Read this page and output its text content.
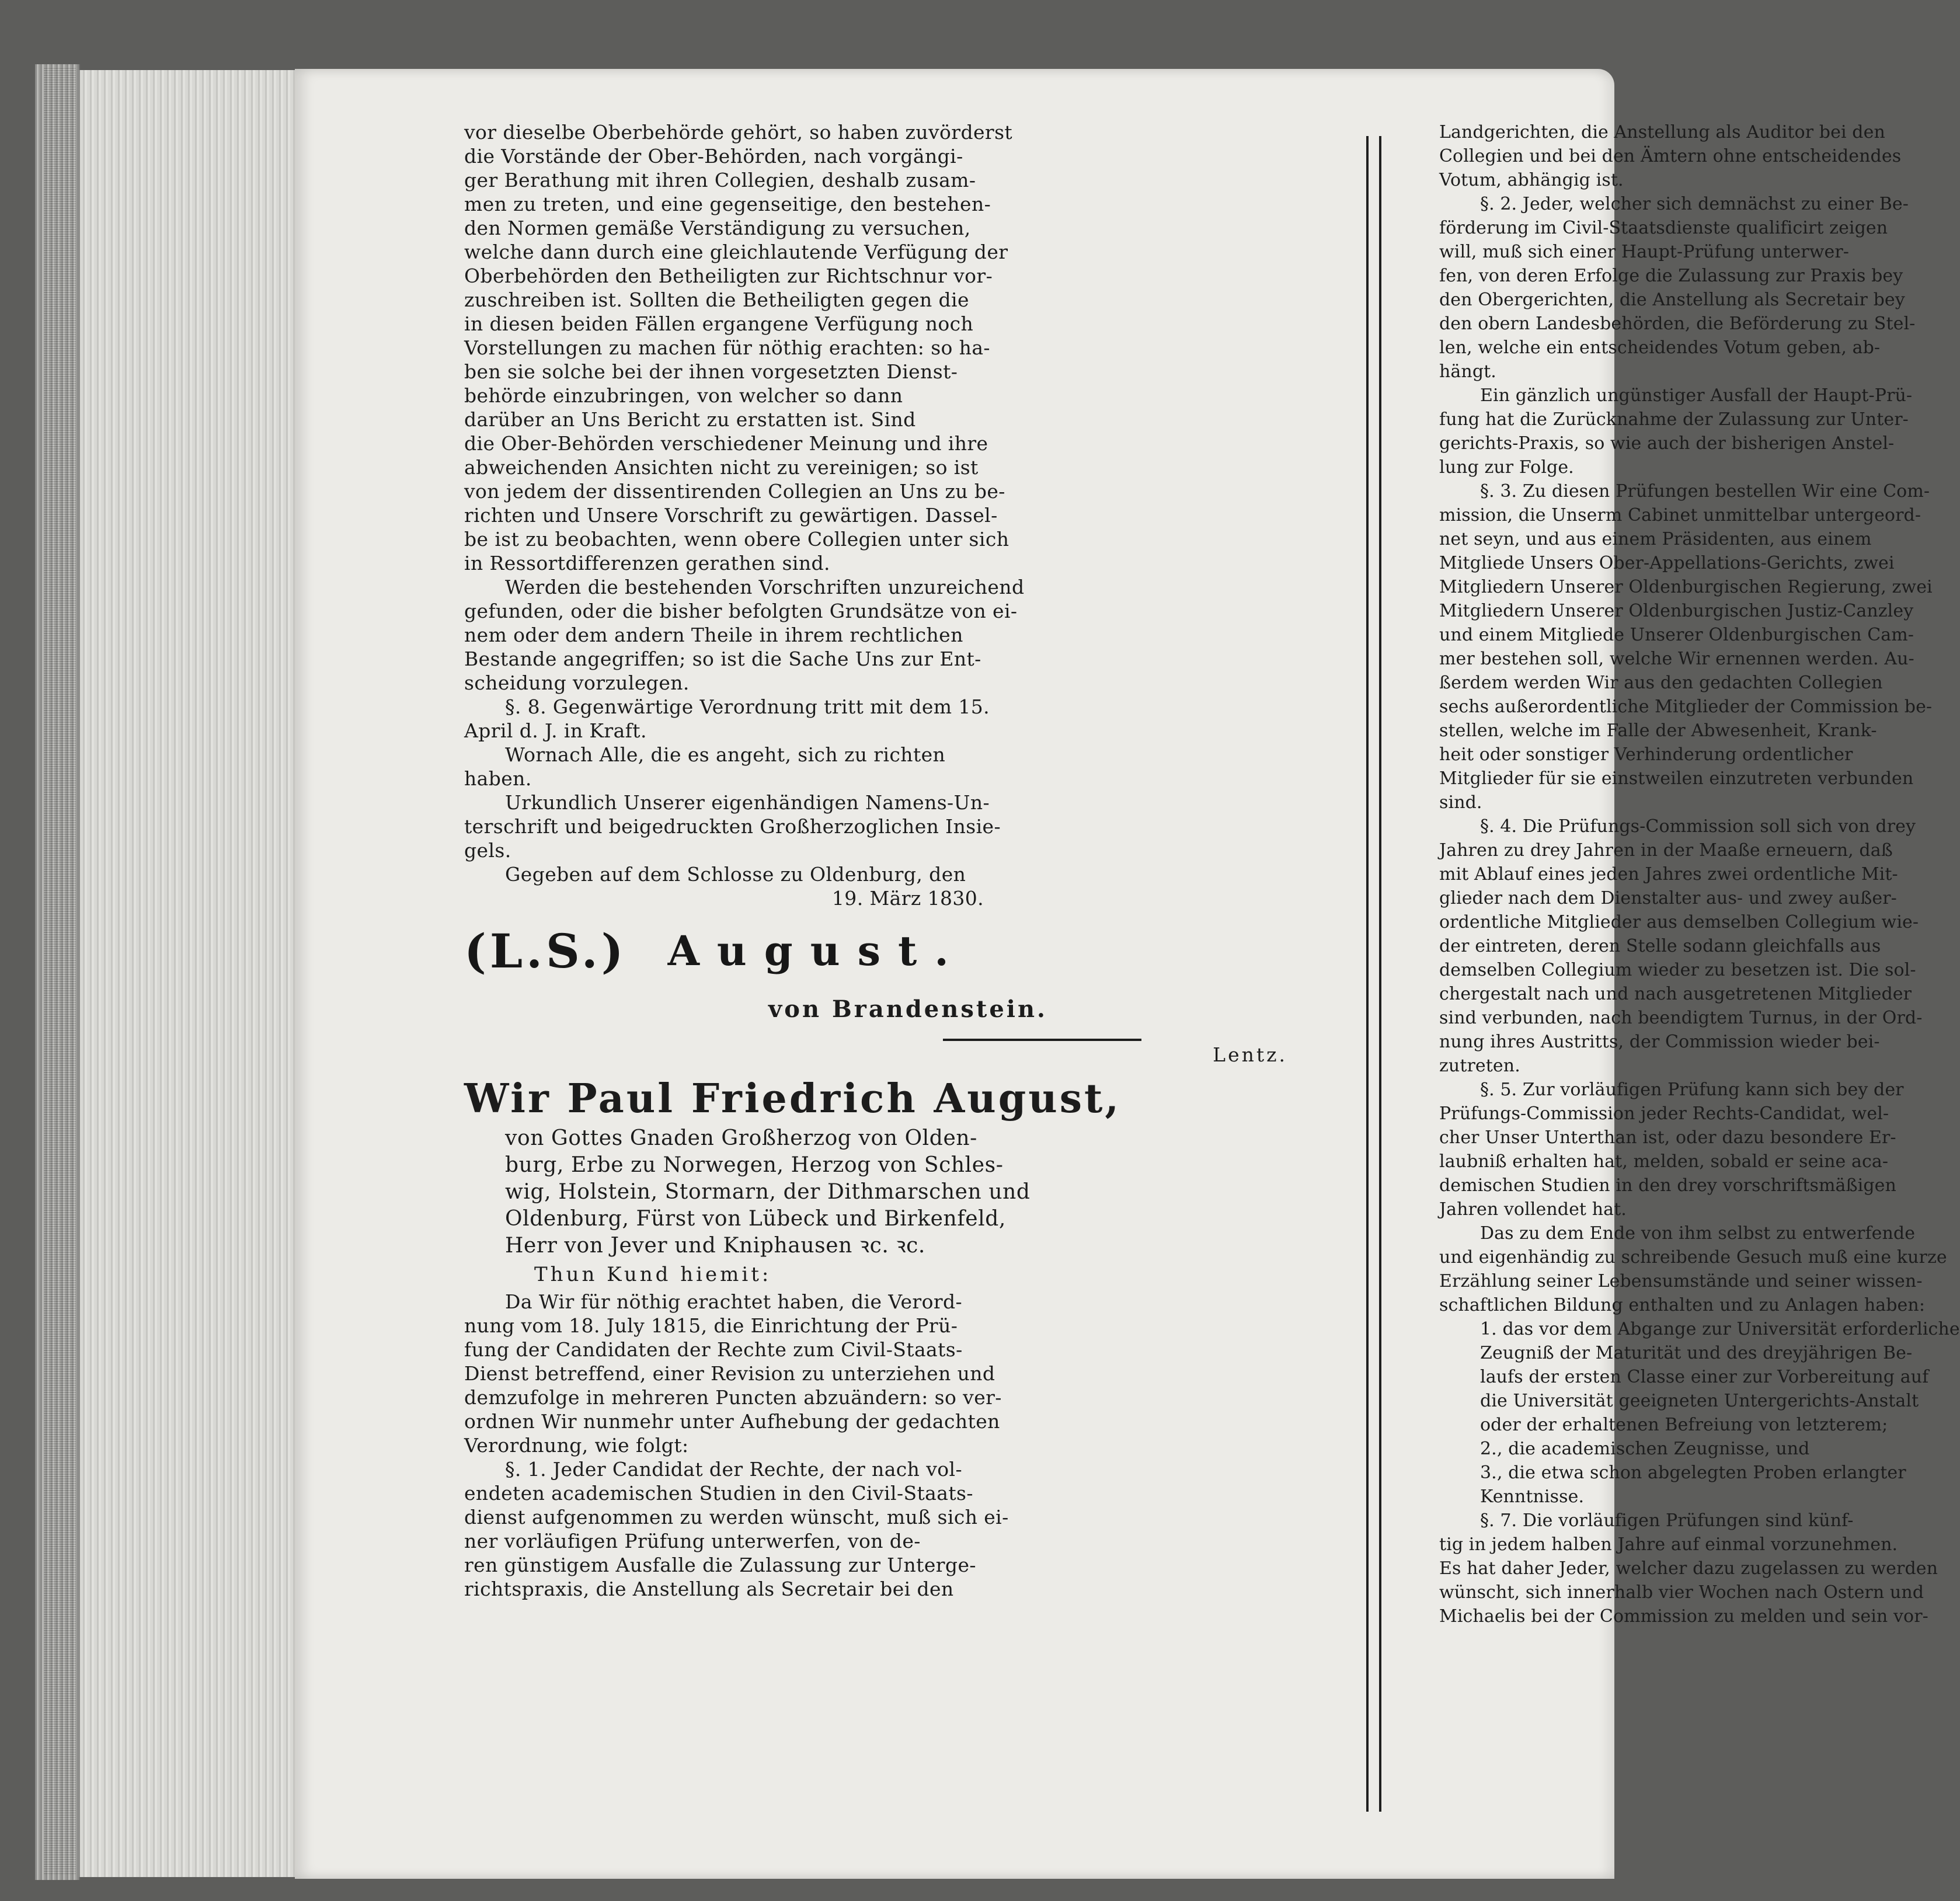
vor dieselbe Oberbehörde gehört, so haben zuvörderst
die Vorstände der Ober-Behörden, nach vorgängi-
ger Berathung mit ihren Collegien, deshalb zusam-
men zu treten, und eine gegenseitige, den bestehen-
den Normen gemäße Verständigung zu versuchen,
welche dann durch eine gleichlautende Verfügung der
Oberbehörden den Betheiligten zur Richtschnur vor-
zuschreiben ist. Sollten die Betheiligten gegen die
in diesen beiden Fällen ergangene Verfügung noch
Vorstellungen zu machen für nöthig erachten: so ha-
ben sie solche bei der ihnen vorgesetzten Dienst-
behörde einzubringen, von welcher so dann
darüber an Uns Bericht zu erstatten ist. Sind
die Ober-Behörden verschiedener Meinung und ihre
abweichenden Ansichten nicht zu vereinigen; so ist
von jedem der dissentirenden Collegien an Uns zu be-
richten und Unsere Vorschrift zu gewärtigen. Dassel-
be ist zu beobachten, wenn obere Collegien unter sich
in Ressortdifferenzen gerathen sind.
Werden die bestehenden Vorschriften unzureichend
gefunden, oder die bisher befolgten Grundsätze von ei-
nem oder dem andern Theile in ihrem rechtlichen
Bestande angegriffen; so ist die Sache Uns zur Ent-
scheidung vorzulegen.
§. 8. Gegenwärtige Verordnung tritt mit dem 15.
April d. J. in Kraft.
Wornach Alle, die es angeht, sich zu richten
haben.
Urkundlich Unserer eigenhändigen Namens-Un-
terschrift und beigedruckten Großherzoglichen Insie-
gels.
Gegeben auf dem Schlosse zu Oldenburg, den
19. März 1830.
(L.S.) August.
von Brandenstein.
Lentz.
Wir Paul Friedrich August,
von Gottes Gnaden Großherzog von Olden-
burg, Erbe zu Norwegen, Herzog von Schles-
wig, Holstein, Stormarn, der Dithmarschen und
Oldenburg, Fürst von Lübeck und Birkenfeld,
Herr von Jever und Kniphausen ꝛc. ꝛc.
Thun Kund hiemit:
Da Wir für nöthig erachtet haben, die Verord-
nung vom 18. July 1815, die Einrichtung der Prü-
fung der Candidaten der Rechte zum Civil-Staats-
Dienst betreffend, einer Revision zu unterziehen und
demzufolge in mehreren Puncten abzuändern: so ver-
ordnen Wir nunmehr unter Aufhebung der gedachten
Verordnung, wie folgt:
§. 1. Jeder Candidat der Rechte, der nach vol-
endeten academischen Studien in den Civil-Staats-
dienst aufgenommen zu werden wünscht, muß sich ei-
ner vorläufigen Prüfung unterwerfen, von de-
ren günstigem Ausfalle die Zulassung zur Unterge-
richtspraxis, die Anstellung als Secretair bei den
Landgerichten, die Anstellung als Auditor bei den
Collegien und bei den Ämtern ohne entscheidendes
Votum, abhängig ist.
§. 2. Jeder, welcher sich demnächst zu einer Be-
förderung im Civil-Staatsdienste qualificirt zeigen
will, muß sich einer Haupt-Prüfung unterwer-
fen, von deren Erfolge die Zulassung zur Praxis bey
den Obergerichten, die Anstellung als Secretair bey
den obern Landesbehörden, die Beförderung zu Stel-
len, welche ein entscheidendes Votum geben, ab-
hängt.
Ein gänzlich ungünstiger Ausfall der Haupt-Prü-
fung hat die Zurücknahme der Zulassung zur Unter-
gerichts-Praxis, so wie auch der bisherigen Anstel-
lung zur Folge.
§. 3. Zu diesen Prüfungen bestellen Wir eine Com-
mission, die Unserm Cabinet unmittelbar untergeord-
net seyn, und aus einem Präsidenten, aus einem
Mitgliede Unsers Ober-Appellations-Gerichts, zwei
Mitgliedern Unserer Oldenburgischen Regierung, zwei
Mitgliedern Unserer Oldenburgischen Justiz-Canzley
und einem Mitgliede Unserer Oldenburgischen Cam-
mer bestehen soll, welche Wir ernennen werden. Au-
ßerdem werden Wir aus den gedachten Collegien
sechs außerordentliche Mitglieder der Commission be-
stellen, welche im Falle der Abwesenheit, Krank-
heit oder sonstiger Verhinderung ordentlicher
Mitglieder für sie einstweilen einzutreten verbunden
sind.
§. 4. Die Prüfungs-Commission soll sich von drey
Jahren zu drey Jahren in der Maaße erneuern, daß
mit Ablauf eines jeden Jahres zwei ordentliche Mit-
glieder nach dem Dienstalter aus- und zwey außer-
ordentliche Mitglieder aus demselben Collegium wie-
der eintreten, deren Stelle sodann gleichfalls aus
demselben Collegium wieder zu besetzen ist. Die sol-
chergestalt nach und nach ausgetretenen Mitglieder
sind verbunden, nach beendigtem Turnus, in der Ord-
nung ihres Austritts, der Commission wieder bei-
zutreten.
§. 5. Zur vorläufigen Prüfung kann sich bey der
Prüfungs-Commission jeder Rechts-Candidat, wel-
cher Unser Unterthan ist, oder dazu besondere Er-
laubniß erhalten hat, melden, sobald er seine aca-
demischen Studien in den drey vorschriftsmäßigen
Jahren vollendet hat.
Das zu dem Ende von ihm selbst zu entwerfende
und eigenhändig zu schreibende Gesuch muß eine kurze
Erzählung seiner Lebensumstände und seiner wissen-
schaftlichen Bildung enthalten und zu Anlagen haben:
1. das vor dem Abgange zur Universität erforderliche
Zeugniß der Maturität und des dreyjährigen Be-
laufs der ersten Classe einer zur Vorbereitung auf
die Universität geeigneten Untergerichts-Anstalt
oder der erhaltenen Befreiung von letzterem;
2., die academischen Zeugnisse, und
3., die etwa schon abgelegten Proben erlangter
Kenntnisse.
§. 7. Die vorläufigen Prüfungen sind künf-
tig in jedem halben Jahre auf einmal vorzunehmen.
Es hat daher Jeder, welcher dazu zugelassen zu werden
wünscht, sich innerhalb vier Wochen nach Ostern und
Michaelis bei der Commission zu melden und sein vor-
